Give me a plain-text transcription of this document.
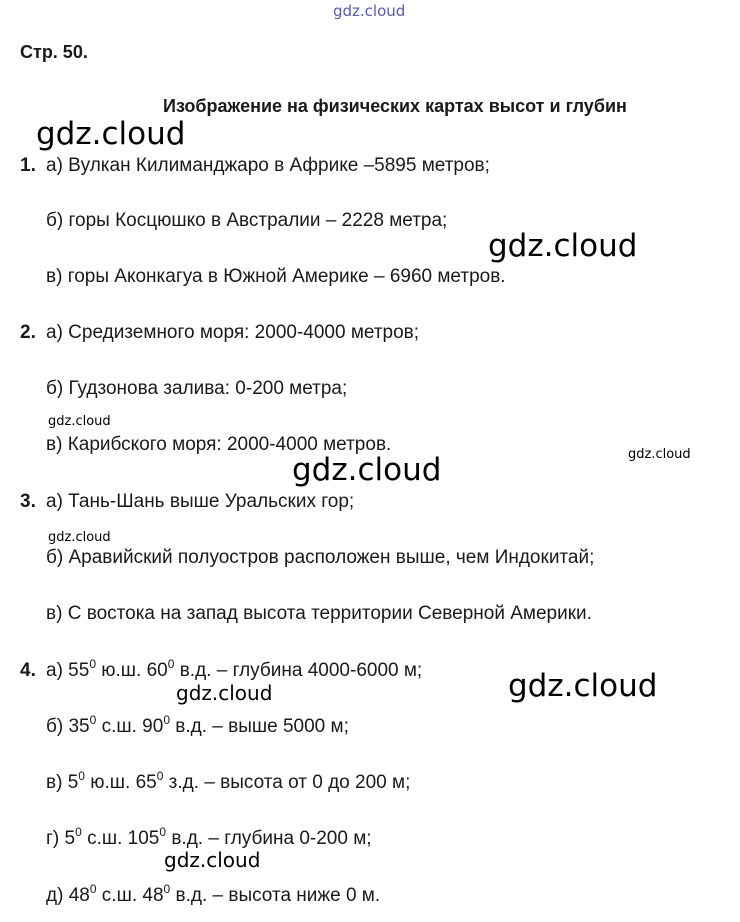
gdz.cloud
Стр. 50.
Изображение на физических картах высот и глубин
1. а) Вулкан Килиманджаро в Африке –5895 метров;
б) горы Косцюшко в Австралии – 2228 метра;
в) горы Аконкагуа в Южной Америке – 6960 метров.
2. а) Средиземного моря: 2000-4000 метров;
б) Гудзонова залива: 0-200 метра;
в) Карибского моря: 2000-4000 метров.
3. а) Тань-Шань выше Уральских гор;
б) Аравийский полуостров расположен выше, чем Индокитай;
в) С востока на запад высота территории Северной Америки.
4. а) $55^0$ ю.ш. $60^0$ в.д. – глубина 4000-6000 м;
б) $35^0$ с.ш. $90^0$ в.д. – выше 5000 м;
в) $5^0$ ю.ш. $65^0$ з.д. – высота от 0 до 200 м;
г) $5^0$ с.ш. $105^0$ в.д. – глубина 0-200 м;
д) $48^0$ с.ш. $48^0$ в.д. – высота ниже 0 м.
gdz.cloud
gdz.cloud
gdz.cloud
gdz.cloud
gdz.cloud
gdz.cloud
gdz.cloud
gdz.cloud
gdz.cloud
